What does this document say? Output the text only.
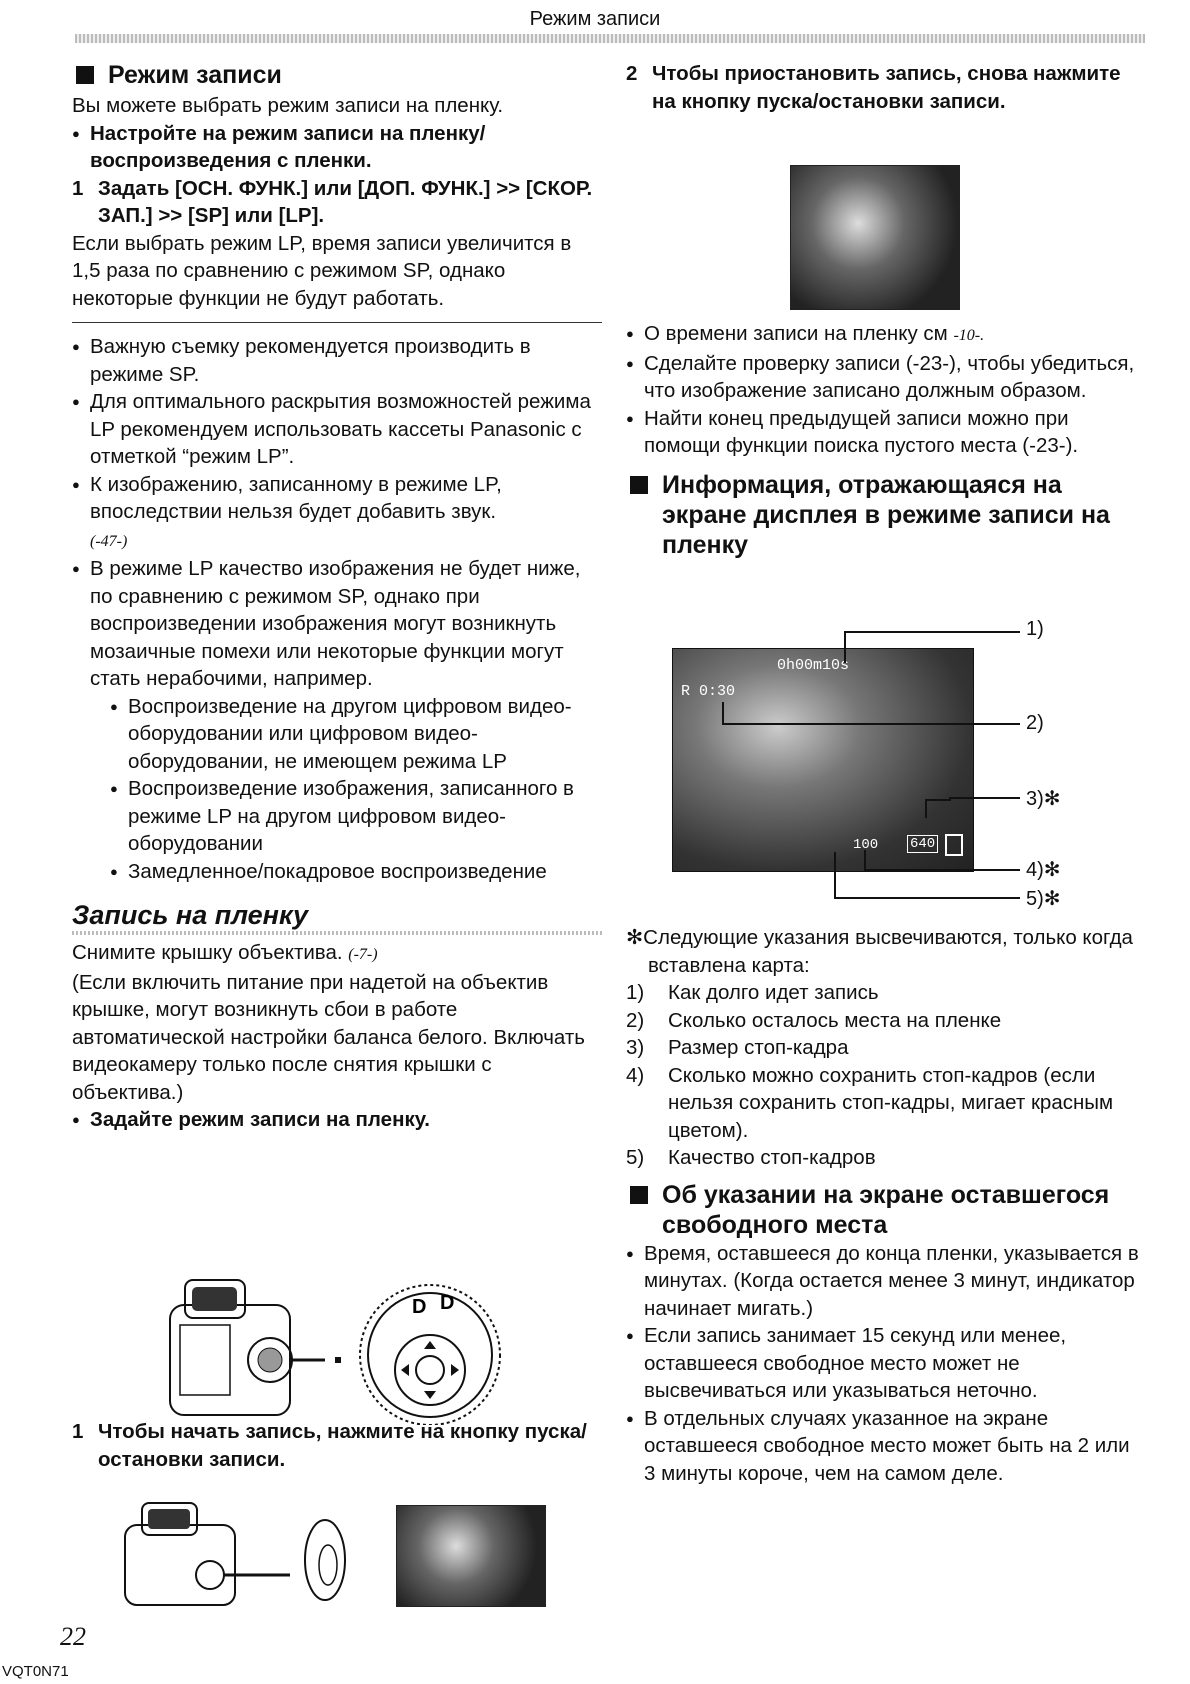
Режим записи
Режим записи

Вы можете выбрать режим записи на пленку.

● Настройте на режим записи на пленку/ воспроизведения с пленки.

1 Задать [ОСН. ФУНК.] или [ДОП. ФУНК.] >> [СКОР. ЗАП.] >> [SP] или [LP].

Если выбрать режим LP, время записи увеличится в 1,5 раза по сравнению с режимом SP, однако некоторые функции не будут работать.

● Важную съемку рекомендуется производить в режиме SP.

● Для оптимального раскрытия возможностей режима LP рекомендуем использовать кассеты Panasonic с отметкой “режим LP”.

● К изображению, записанному в режиме LP, впоследствии нельзя будет добавить звук.
(-47-)

● В режиме LP качество изображения не будет ниже, по сравнению с режимом SP, однако при воспроизведении изображения могут возникнуть мозаичные помехи или некоторые функции могут стать нерабочими, например.

● Воспроизведение на другом цифровом видео-оборудовании или цифровом видео-оборудовании, не имеющем режима LP

● Воспроизведение изображения, записанного в режиме LP на другом цифровом видео-оборудовании

● Замедленное/покадровое воспроизведение

Запись на пленку

Снимите крышку объектива. (-7-)

(Если включить питание при надетой на объектив крышке, могут возникнуть сбои в работе автоматической настройки баланса белого. Включать видеокамеру только после снятия крышки с объектива.)

● Задайте режим записи на пленку.

D D

1 Чтобы начать запись, нажмите на кнопку пуска/остановки записи.

2 Чтобы приостановить запись, снова нажмите на кнопку пуска/остановки записи.

● О времени записи на пленку см -10-.

● Сделайте проверку записи (-23-), чтобы убедиться, что изображение записано должным образом.

● Найти конец предыдущей записи можно при помощи функции поиска пустого места (-23-).

Информация, отражающаяся на экране дисплея в режиме записи на пленку
0h00m10s
R 0:30
640
100
1)
2)
3)✻
4)✻
5)✻

✻Следующие указания высвечиваются, только когда вставлена карта:

1) Как долго идет запись

2) Сколько осталось места на пленке

3) Размер стоп-кадра

4) Сколько можно сохранить стоп-кадров (если нельзя сохранить стоп-кадры, мигает красным цветом).

5) Качество стоп-кадров

Об указании на экране оставшегося свободного места

● Время, оставшееся до конца пленки, указывается в минутах. (Когда остается менее 3 минут, индикатор начинает мигать.)

● Если запись занимает 15 секунд или менее, оставшееся свободное место может не высвечиваться или указываться неточно.

● В отдельных случаях указанное на экране оставшееся свободное место может быть на 2 или 3 минуты короче, чем на самом деле.

22
VQT0N71
